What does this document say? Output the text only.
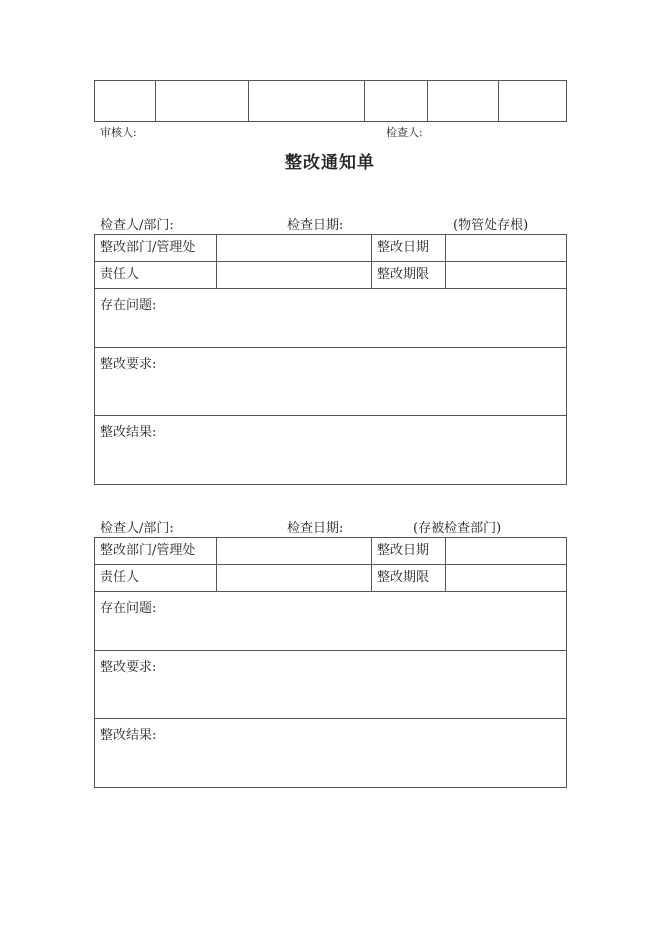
审核人:	检查人:
整改通知单
检查人/部门:	检查日期:	(物管处存根)
整改部门/管理处		整改日期	
责任人		整改期限	
存在问题:			
整改要求:			
整改结果:			
检查人/部门:	检查日期:	(存被检查部门)
整改部门/管理处		整改日期	
责任人		整改期限	
存在问题:			
整改要求:			
整改结果:			
